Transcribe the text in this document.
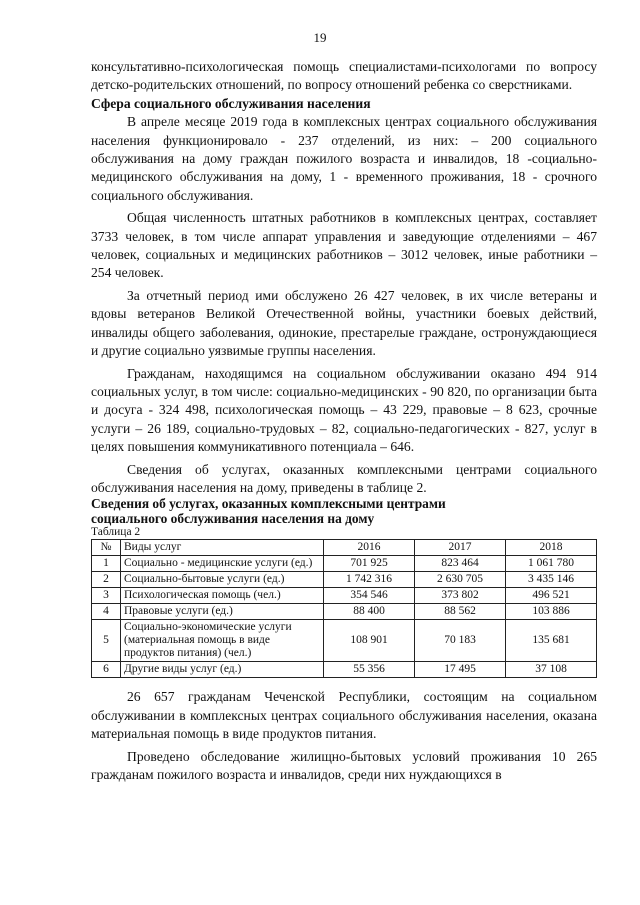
19

консультативно-психологическая помощь специалистами-психологами по вопросу детско-родительских отношений, по вопросу отношений ребенка со сверстниками.

Сфера социального обслуживания населения

В апреле месяце 2019 года в комплексных центрах социального обслуживания населения функционировало - 237 отделений, из них: – 200 социального обслуживания на дому граждан пожилого возраста и инвалидов, 18 -социально-медицинского обслуживания на дому, 1 - временного проживания, 18 - срочного социального обслуживания.

Общая численность штатных работников в комплексных центрах, составляет 3733 человек, в том числе аппарат управления и заведующие отделениями – 467 человек, социальных и медицинских работников – 3012 человек, иные работники – 254 человек.

За отчетный период ими обслужено 26 427 человек, в их числе ветераны и вдовы ветеранов Великой Отечественной войны, участники боевых действий, инвалиды общего заболевания, одинокие, престарелые граждане, остронуждающиеся и другие социально уязвимые группы населения.

Гражданам, находящимся на социальном обслуживании оказано 494 914 социальных услуг, в том числе: социально-медицинских - 90 820, по организации быта и досуга - 324 498, психологическая помощь – 43 229, правовые – 8 623, срочные услуги – 26 189, социально-трудовых – 82, социально-педагогических - 827, услуг в целях повышения коммуникативного потенциала – 646.

Сведения об услугах, оказанных комплексными центрами социального обслуживания населения на дому, приведены в таблице 2.

Сведения об услугах, оказанных комплексными центрами
социального обслуживания населения на дому

Таблица 2

№	Виды услуг	2016	2017	2018
1	Социально - медицинские услуги (ед.)	701 925	823 464	1 061 780
2	Социально-бытовые услуги (ед.)	1 742 316	2 630 705	3 435 146
3	Психологическая помощь (чел.)	354 546	373 802	496 521
4	Правовые услуги (ед.)	88 400	88 562	103 886
5	Социально-экономические услуги (материальная помощь в виде продуктов питания) (чел.)	108 901	70 183	135 681
6	Другие виды услуг (ед.)	55 356	17 495	37 108

26 657 гражданам Чеченской Республики, состоящим на социальном обслуживании в комплексных центрах социального обслуживания населения, оказана материальная помощь в виде продуктов питания.

Проведено обследование жилищно-бытовых условий проживания 10 265 гражданам пожилого возраста и инвалидов, среди них нуждающихся в
